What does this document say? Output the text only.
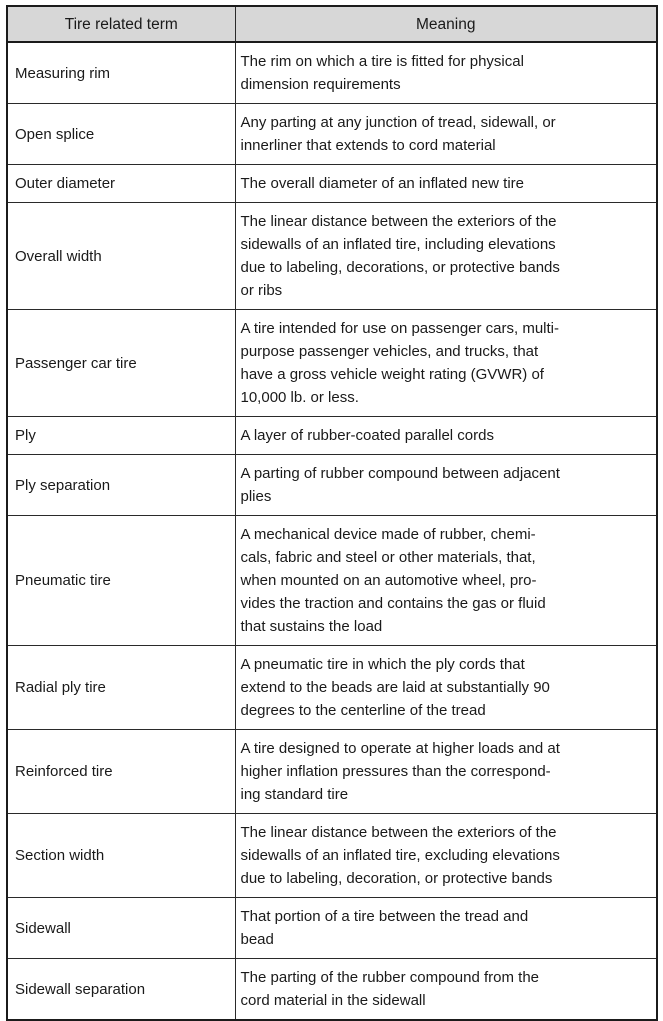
Tire related term	Meaning
Measuring rim	The rim on which a tire is fitted for physical
dimension requirements

Open splice	Any parting at any junction of tread, sidewall, or
innerliner that extends to cord material

Outer diameter	The overall diameter of an inflated new tire

Overall width	The linear distance between the exteriors of the
sidewalls of an inflated tire, including elevations
due to labeling, decorations, or protective bands
or ribs

Passenger car tire	A tire intended for use on passenger cars, multi-
purpose passenger vehicles, and trucks, that
have a gross vehicle weight rating (GVWR) of
10,000 lb. or less.

Ply	A layer of rubber-coated parallel cords

Ply separation	A parting of rubber compound between adjacent
plies

Pneumatic tire	A mechanical device made of rubber, chemi-
cals, fabric and steel or other materials, that,
when mounted on an automotive wheel, pro-
vides the traction and contains the gas or fluid
that sustains the load

Radial ply tire	A pneumatic tire in which the ply cords that
extend to the beads are laid at substantially 90
degrees to the centerline of the tread

Reinforced tire	A tire designed to operate at higher loads and at
higher inflation pressures than the correspond-
ing standard tire

Section width	The linear distance between the exteriors of the
sidewalls of an inflated tire, excluding elevations
due to labeling, decoration, or protective bands

Sidewall	That portion of a tire between the tread and
bead

Sidewall separation	The parting of the rubber compound from the
cord material in the sidewall
